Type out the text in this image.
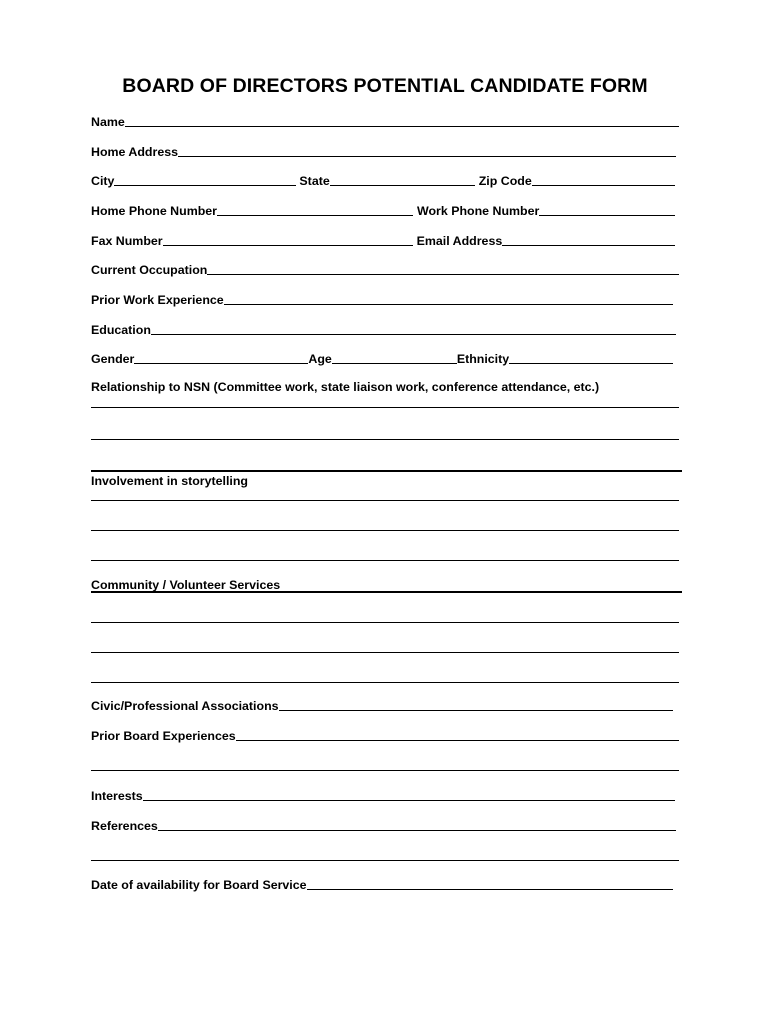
BOARD OF DIRECTORS POTENTIAL CANDIDATE FORM
Name
Home Address
City	State	Zip Code
Home Phone Number	Work Phone Number
Fax Number	Email Address
Current Occupation
Prior Work Experience
Education
Gender	Age	Ethnicity
Relationship to NSN (Committee work, state liaison work, conference attendance, etc.)
Involvement in storytelling
Community / Volunteer Services
Civic/Professional Associations
Prior Board Experiences
Interests
References
Date of availability for Board Service
